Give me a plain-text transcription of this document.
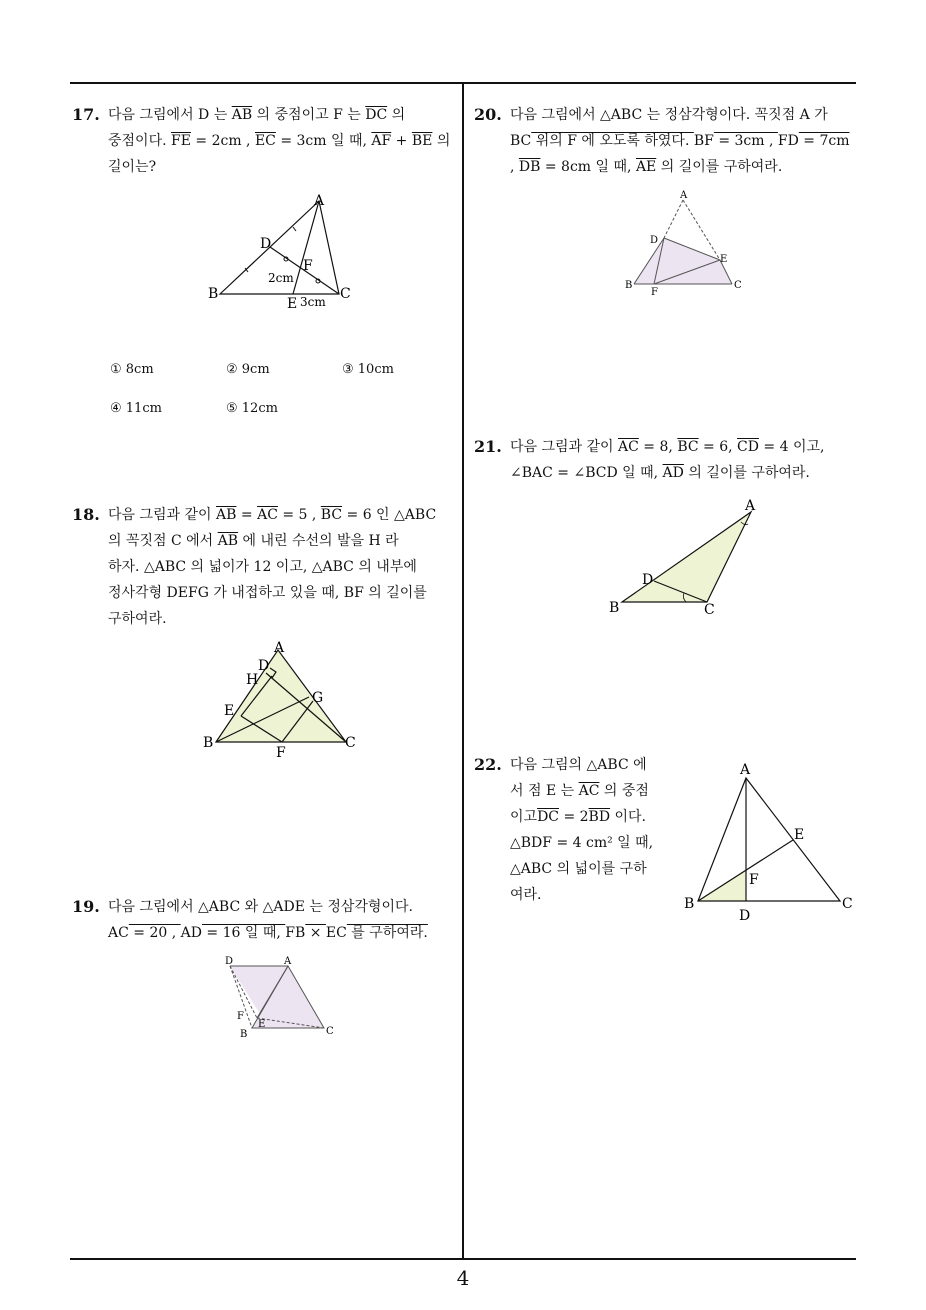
17. 다음 그림에서 D 는 $\overline{AB}$ 의 중점이고 F 는 $\overline{DC}$ 의
중점이다. $\overline{FE} = 2cm$ , $\overline{EC} = 3cm$ 일 때, $\overline{AF} + \overline{BE}$ 의
길이는?
A
D
F
B	C
E
2cm
3cm
① 8cm	② 9cm	③ 10cm
④ 11cm	⑤ 12cm
18. 다음 그림과 같이 $\overline{AB} = \overline{AC} = 5$ , $\overline{BC} = 6$ 인 △ABC
의 꼭짓점 C 에서 $\overline{AB}$ 에 내린 수선의 발을 H 라
하자. △ABC 의 넓이가 12 이고, △ABC 의 내부에
정사각형 DEFG 가 내접하고 있을 때, BF 의 길이를
구하여라.
A
D
H
G
E
B	C
F
19. 다음 그림에서 △ABC 와 △ADE 는 정삼각형이다.
AC = 20 , AD = 16 일 때, FB × EC 를 구하여라.
D	A
F
E
B	C
20. 다음 그림에서 △ABC 는 정삼각형이다. 꼭짓점 A 가
BC 위의 F 에 오도록 하였다. BF = 3cm , FD = 7cm
, $\overline{DB} = 8cm$ 일 때, $\overline{AE}$ 의 길이를 구하여라.
A
D
E
B
F
C
21. 다음 그림과 같이 $\overline{AC} = 8$, $\overline{BC} = 6$, $\overline{CD} = 4$ 이고,
∠BAC = ∠BCD 일 때, $\overline{AD}$ 의 길이를 구하여라.
A
D
B	C
22. 다음 그림의 △ABC 에
서 점 E 는 $\overline{AC}$ 의 중점
이고$\overline{DC} = 2\overline{BD}$ 이다.
△BDF = 4 cm² 일 때,
△ABC 의 넓이를 구하
여라.
A
E
F
B	C
D
4
